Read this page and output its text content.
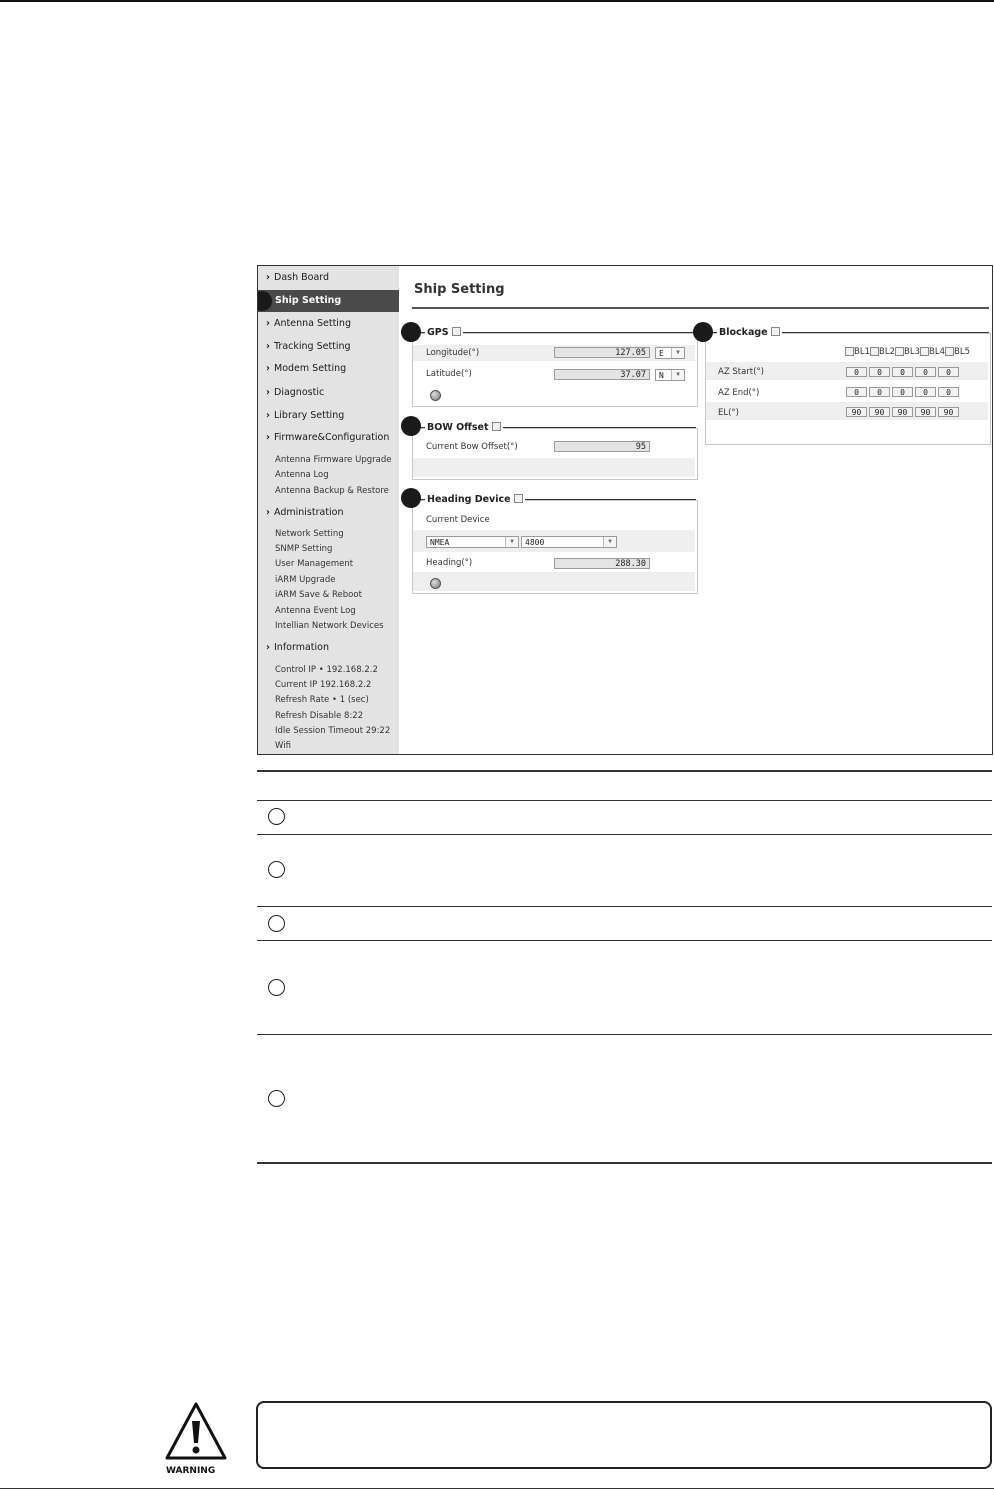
› Dash Board
Ship Setting
› Antenna Setting
› Tracking Setting
› Modem Setting
› Diagnostic
› Library Setting
› Firmware&Configuration
Antenna Firmware Upgrade
Antenna Log
Antenna Backup & Restore
› Administration
Network Setting
SNMP Setting
User Management
iARM Upgrade
iARM Save & Reboot
Antenna Event Log
Intellian Network Devices
› Information
Control IP • 192.168.2.2
Current IP 192.168.2.2
Refresh Rate • 1 (sec)
Refresh Disable 8:22
Idle Session Timeout 29:22
Wifi
Ship Setting
GPS
Longitude(°)	127.05	E	▼
Latitude(°)	37.07	N	▼
BOW Offset
Current Bow Offset(°)	95
Heading Device
Current Device
NMEA	▼	4800	▼
Heading(°)	288.30
Blockage
BL1 BL2 BL3 BL4 BL5
AZ Start(°)	0	0	0	0	0
AZ End(°)	0	0	0	0	0
EL(°)	90	90	90	90	90
WARNING
